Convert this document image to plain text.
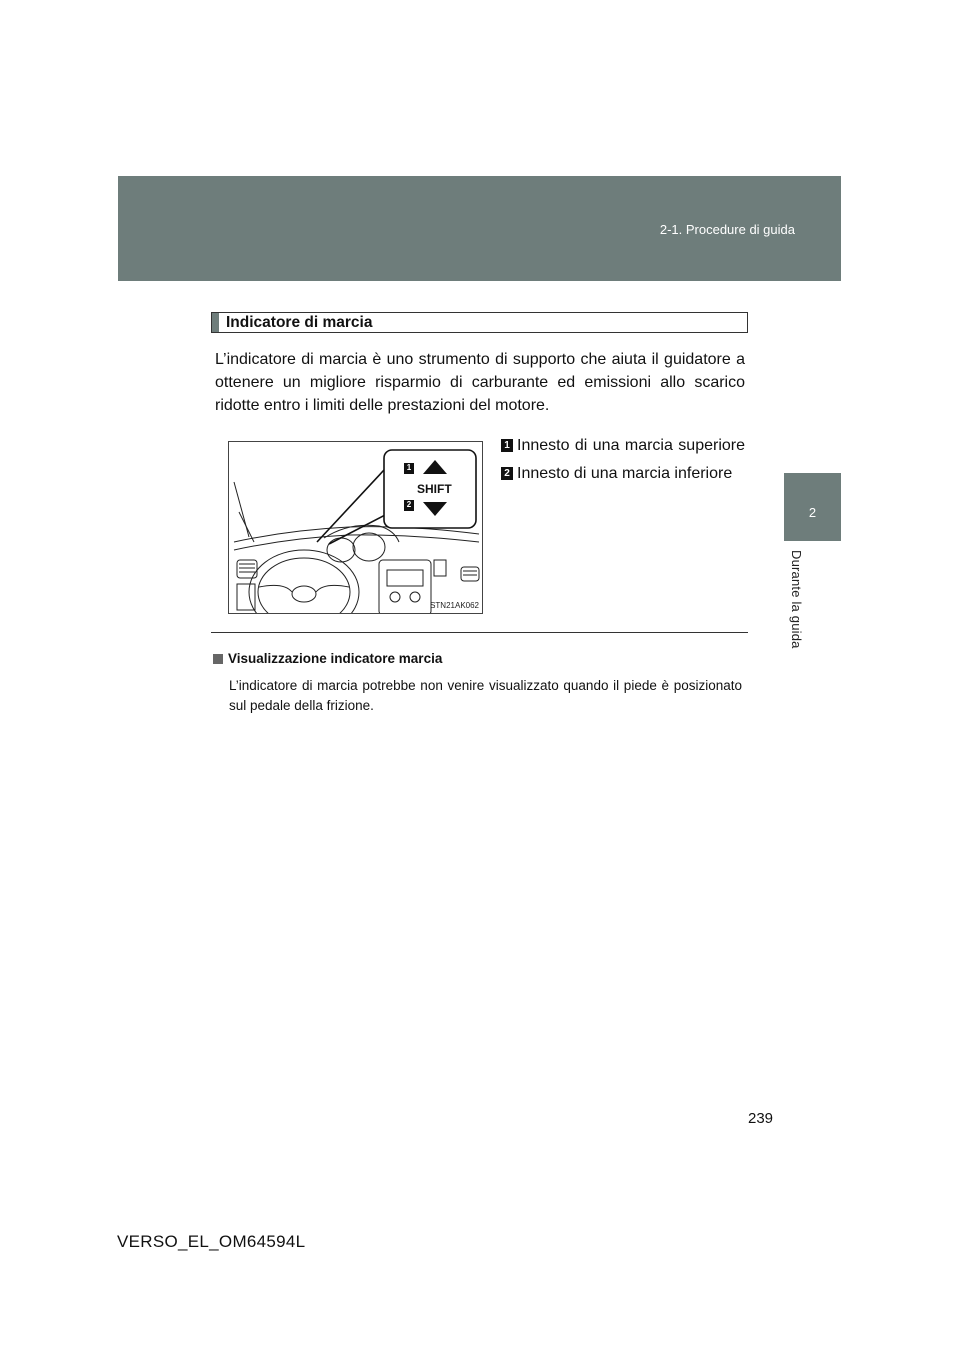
2-1. Procedure di guida
2
Durante la guida
Indicatore di marcia
L’indicatore di marcia è uno strumento di supporto che aiuta il guidatore a ottenere un migliore risparmio di carburante ed emissioni allo scarico ridotte entro i limiti delle prestazioni del motore.
1
2
SHIFT
STN21AK062
1 Innesto di una marcia superiore
2 Innesto di una marcia inferiore
Visualizzazione indicatore marcia
L’indicatore di marcia potrebbe non venire visualizzato quando il piede è posizionato sul pedale della frizione.
239
VERSO_EL_OM64594L
